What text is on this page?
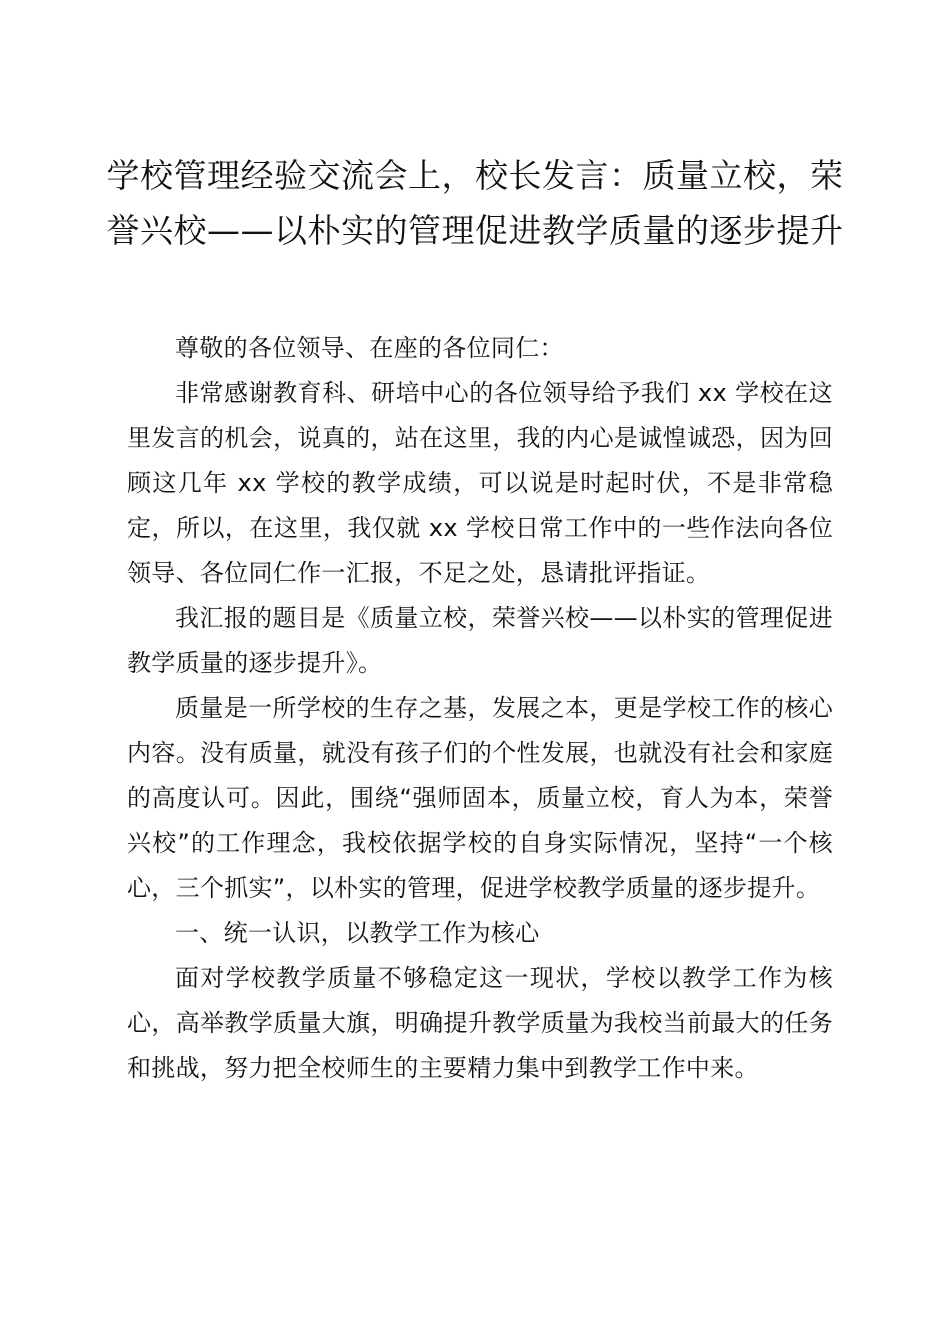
学校管理经验交流会上，校长发言：质量立校，荣誉兴校——以朴实的管理促进教学质量的逐步提升

尊敬的各位领导、在座的各位同仁：

非常感谢教育科、研培中心的各位领导给予我们 xx 学校在这里发言的机会，说真的，站在这里，我的内心是诚惶诚恐，因为回顾这几年 xx 学校的教学成绩，可以说是时起时伏，不是非常稳定，所以，在这里，我仅就 xx 学校日常工作中的一些作法向各位领导、各位同仁作一汇报，不足之处，恳请批评指证。

我汇报的题目是《质量立校，荣誉兴校——以朴实的管理促进教学质量的逐步提升》。

质量是一所学校的生存之基，发展之本，更是学校工作的核心内容。没有质量，就没有孩子们的个性发展，也就没有社会和家庭的高度认可。因此，围绕“强师固本，质量立校，育人为本，荣誉兴校”的工作理念，我校依据学校的自身实际情况，坚持“一个核心，三个抓实”，以朴实的管理，促进学校教学质量的逐步提升。

一、统一认识，以教学工作为核心

面对学校教学质量不够稳定这一现状，学校以教学工作为核心，高举教学质量大旗，明确提升教学质量为我校当前最大的任务和挑战，努力把全校师生的主要精力集中到教学工作中来。
